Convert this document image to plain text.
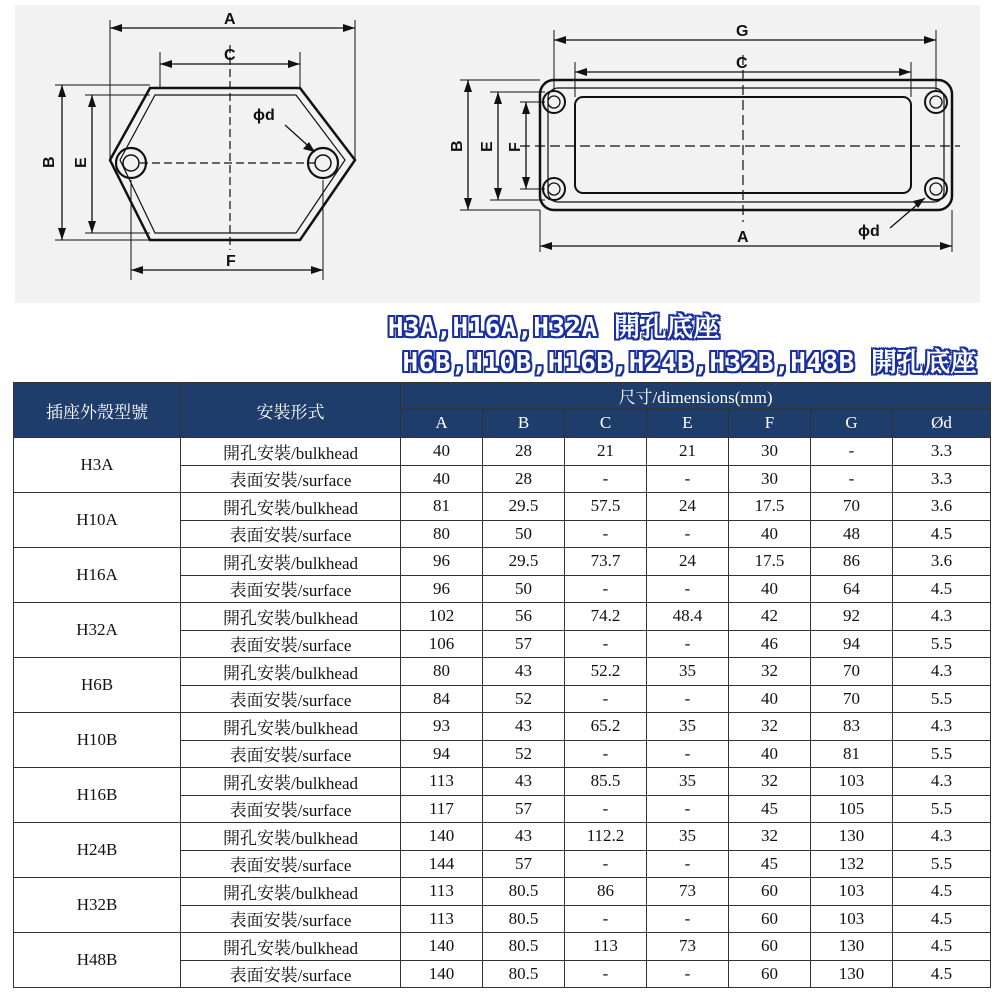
A
C
B E
F
ϕd
G
C
B E F
A	ϕd
H3A,H16A,H32A 開孔底座
H6B,H10B,H16B,H24B,H32B,H48B 開孔底座
插座外殼型號	安裝形式	尺寸/dimensions(mm)						
		A	B	C	E	F	G	Ød
H3A	開孔安裝/bulkhead	40	28	21	21	30	-	3.3
	表面安裝/surface	40	28	-	-	30	-	3.3
H10A	開孔安裝/bulkhead	81	29.5	57.5	24	17.5	70	3.6
	表面安裝/surface	80	50	-	-	40	48	4.5
H16A	開孔安裝/bulkhead	96	29.5	73.7	24	17.5	86	3.6
	表面安裝/surface	96	50	-	-	40	64	4.5
H32A	開孔安裝/bulkhead	102	56	74.2	48.4	42	92	4.3
	表面安裝/surface	106	57	-	-	46	94	5.5
H6B	開孔安裝/bulkhead	80	43	52.2	35	32	70	4.3
	表面安裝/surface	84	52	-	-	40	70	5.5
H10B	開孔安裝/bulkhead	93	43	65.2	35	32	83	4.3
	表面安裝/surface	94	52	-	-	40	81	5.5
H16B	開孔安裝/bulkhead	113	43	85.5	35	32	103	4.3
	表面安裝/surface	117	57	-	-	45	105	5.5
H24B	開孔安裝/bulkhead	140	43	112.2	35	32	130	4.3
	表面安裝/surface	144	57	-	-	45	132	5.5
H32B	開孔安裝/bulkhead	113	80.5	86	73	60	103	4.5
	表面安裝/surface	113	80.5	-	-	60	103	4.5
H48B	開孔安裝/bulkhead	140	80.5	113	73	60	130	4.5
	表面安裝/surface	140	80.5	-	-	60	130	4.5
